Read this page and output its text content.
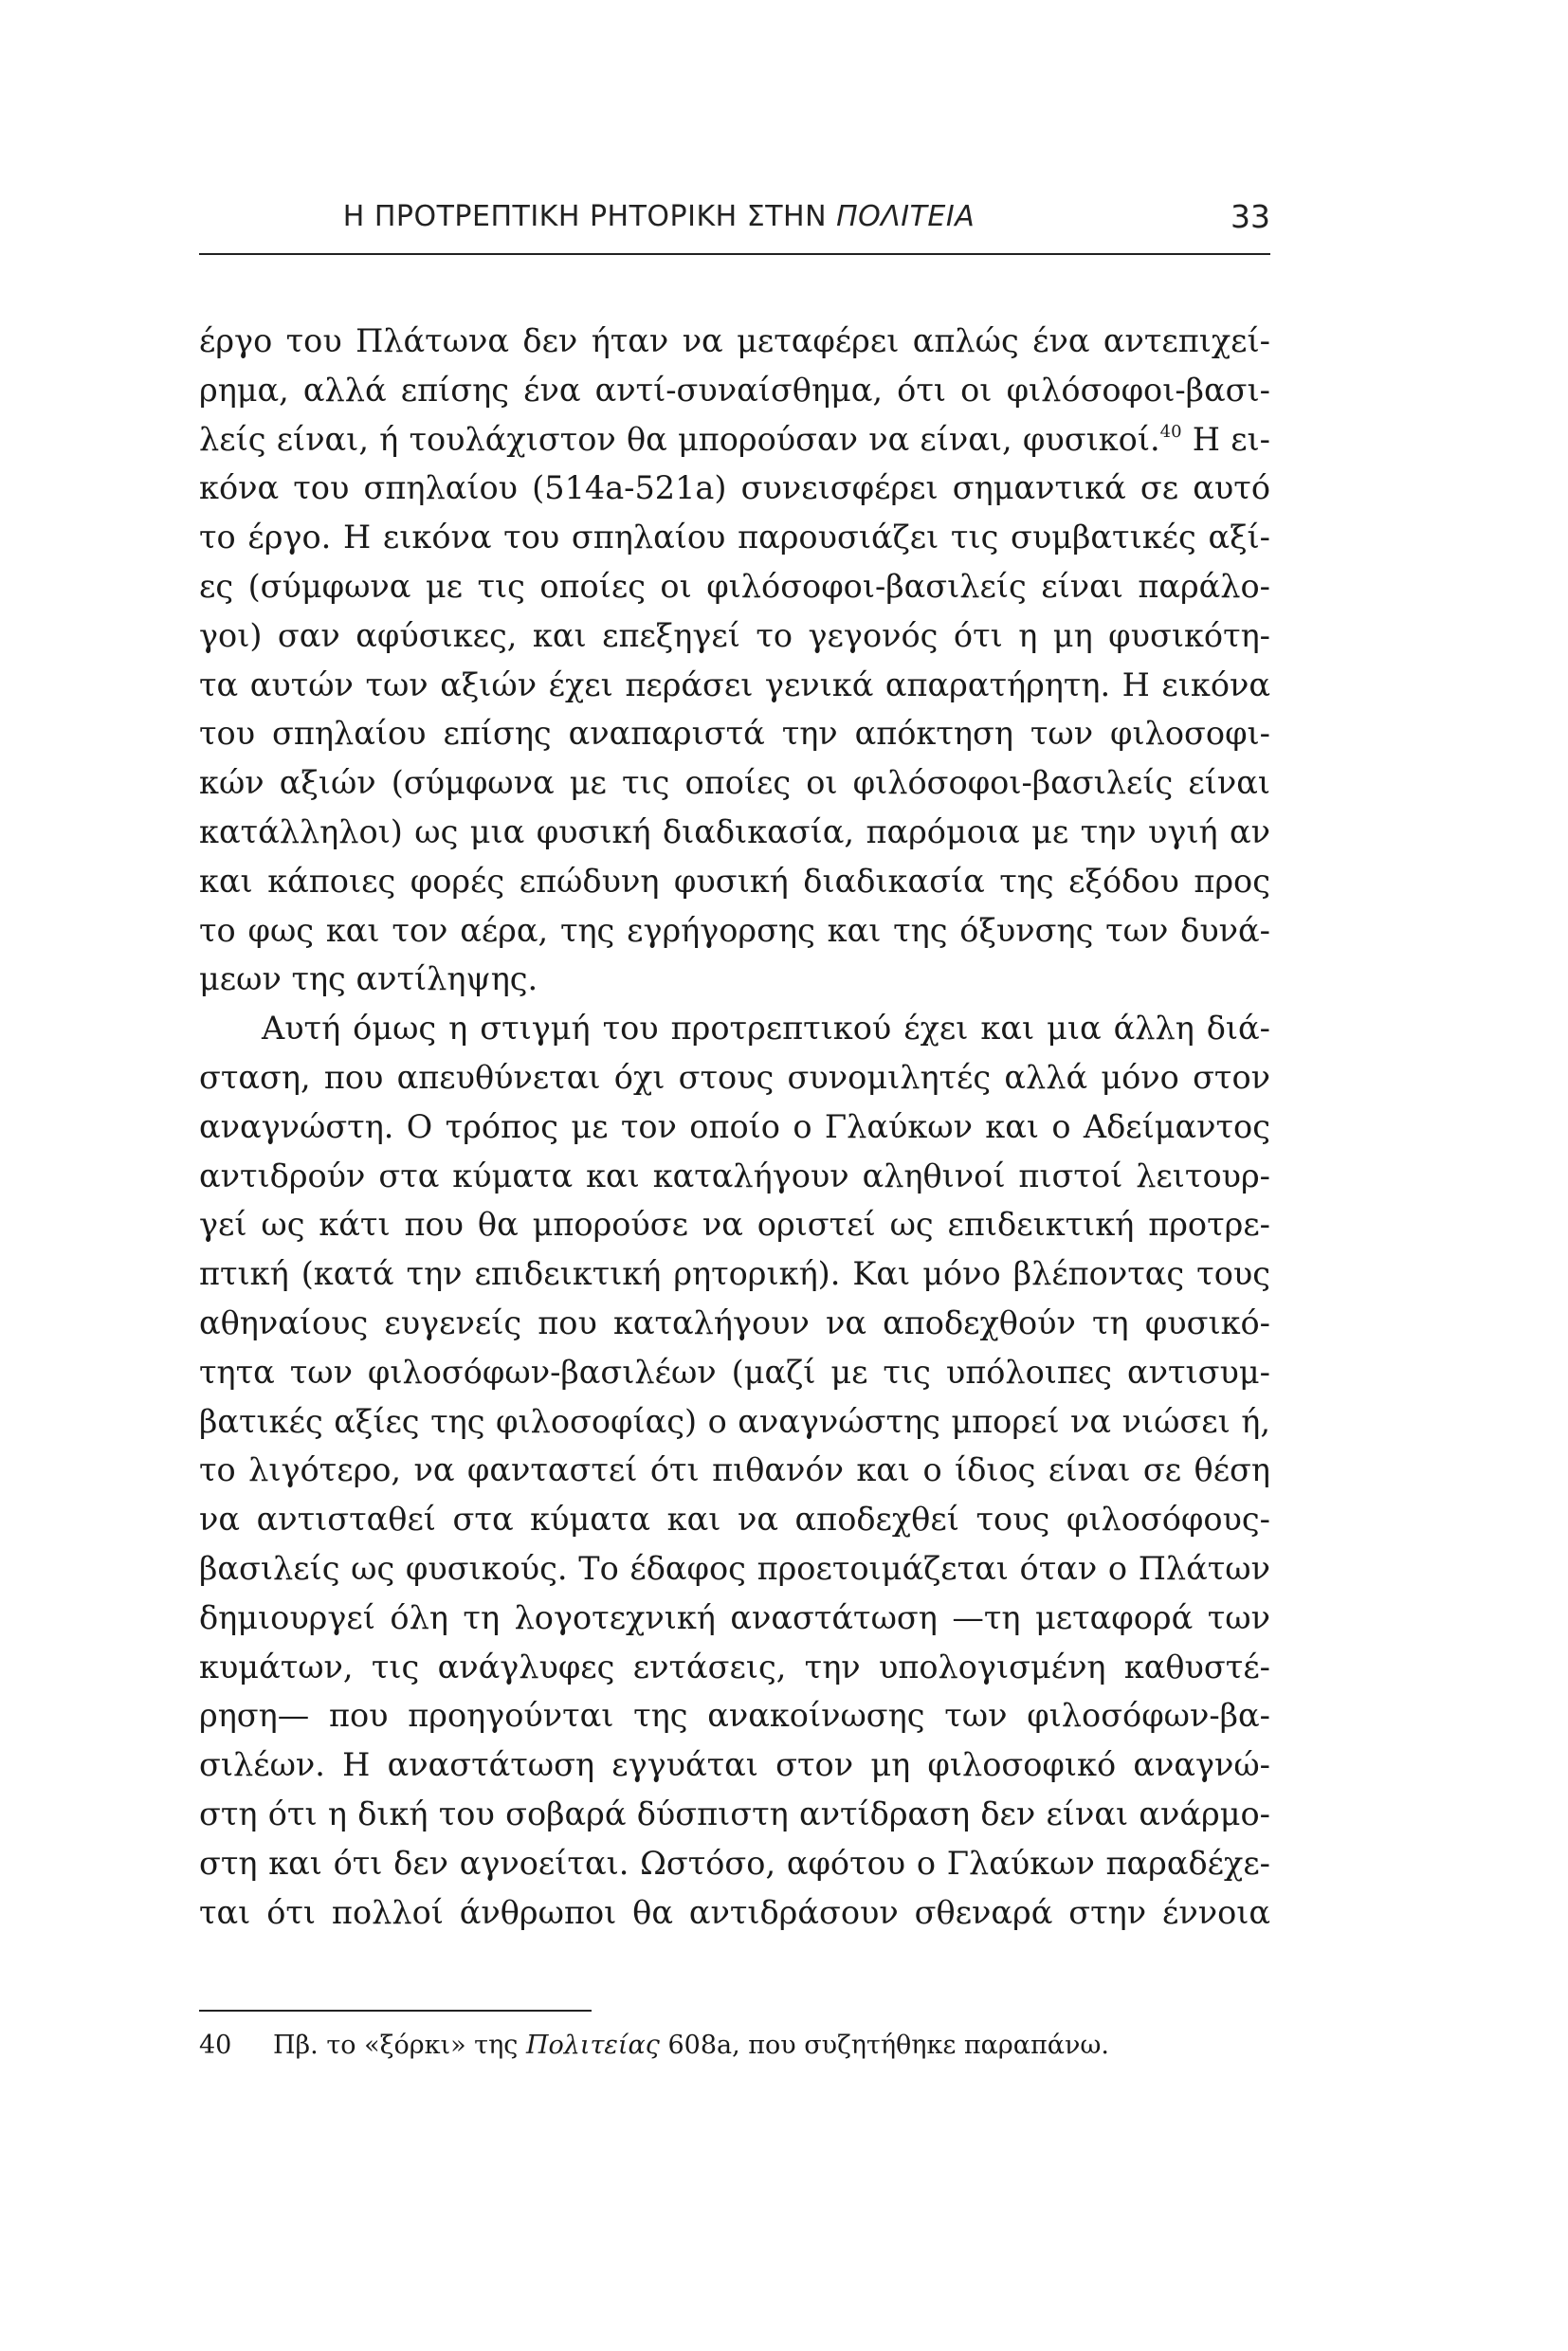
Η ΠΡΟΤΡΕΠΤΙΚΗ ΡΗΤΟΡΙΚΗ ΣΤΗΝ ΠΟΛΙΤΕΙΑ	33

έργο του Πλάτωνα δεν ήταν να μεταφέρει απλώς ένα αντεπιχεί-
ρημα, αλλά επίσης ένα αντί-συναίσθημα, ότι οι φιλόσοφοι-βασι-
λείς είναι, ή τουλάχιστον θα μπορούσαν να είναι, φυσικοί.$^{40}$ Η ει-
κόνα του σπηλαίου (514a-521a) συνεισφέρει σημαντικά σε αυτό
το έργο. Η εικόνα του σπηλαίου παρουσιάζει τις συμβατικές αξί-
ες (σύμφωνα με τις οποίες οι φιλόσοφοι-βασιλείς είναι παράλο-
γοι) σαν αφύσικες, και επεξηγεί το γεγονός ότι η μη φυσικότη-
τα αυτών των αξιών έχει περάσει γενικά απαρατήρητη. Η εικόνα
του σπηλαίου επίσης αναπαριστά την απόκτηση των φιλοσοφι-
κών αξιών (σύμφωνα με τις οποίες οι φιλόσοφοι-βασιλείς είναι
κατάλληλοι) ως μια φυσική διαδικασία, παρόμοια με την υγιή αν
και κάποιες φορές επώδυνη φυσική διαδικασία της εξόδου προς
το φως και τον αέρα, της εγρήγορσης και της όξυνσης των δυνά-
μεων της αντίληψης.

Αυτή όμως η στιγμή του προτρεπτικού έχει και μια άλλη διά-
σταση, που απευθύνεται όχι στους συνομιλητές αλλά μόνο στον
αναγνώστη. Ο τρόπος με τον οποίο ο Γλαύκων και ο Αδείμαντος
αντιδρούν στα κύματα και καταλήγουν αληθινοί πιστοί λειτουρ-
γεί ως κάτι που θα μπορούσε να οριστεί ως επιδεικτική προτρε-
πτική (κατά την επιδεικτική ρητορική). Και μόνο βλέποντας τους
αθηναίους ευγενείς που καταλήγουν να αποδεχθούν τη φυσικό-
τητα των φιλοσόφων-βασιλέων (μαζί με τις υπόλοιπες αντισυμ-
βατικές αξίες της φιλοσοφίας) ο αναγνώστης μπορεί να νιώσει ή,
το λιγότερο, να φανταστεί ότι πιθανόν και ο ίδιος είναι σε θέση
να αντισταθεί στα κύματα και να αποδεχθεί τους φιλοσόφους-
βασιλείς ως φυσικούς. Το έδαφος προετοιμάζεται όταν ο Πλάτων
δημιουργεί όλη τη λογοτεχνική αναστάτωση —τη μεταφορά των
κυμάτων, τις ανάγλυφες εντάσεις, την υπολογισμένη καθυστέ-
ρηση— που προηγούνται της ανακοίνωσης των φιλοσόφων-βα-
σιλέων. Η αναστάτωση εγγυάται στον μη φιλοσοφικό αναγνώ-
στη ότι η δική του σοβαρά δύσπιστη αντίδραση δεν είναι ανάρμο-
στη και ότι δεν αγνοείται. Ωστόσο, αφότου ο Γλαύκων παραδέχε-
ται ότι πολλοί άνθρωποι θα αντιδράσουν σθεναρά στην έννοια

40 Πβ. το «ξόρκι» της Πολιτείας 608a, που συζητήθηκε παραπάνω.
